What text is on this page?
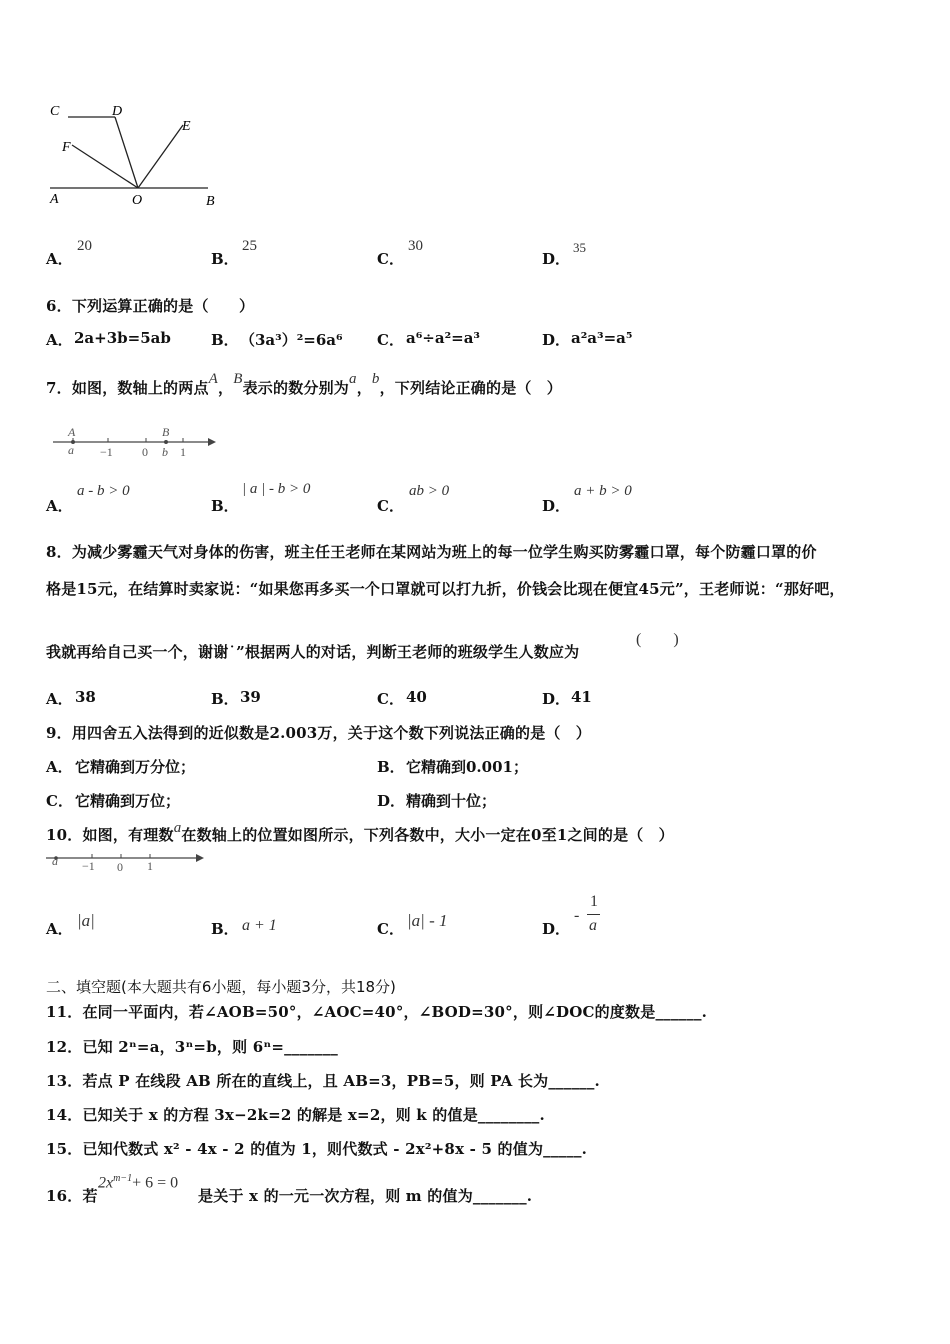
C	D
E
F
A	O	B
A．
20
B．
25
C．
30
D．
35
6．下列运算正确的是（　　）
A． 2a+3b=5ab	B． （3a³）²=6a⁶ C． a⁶÷a²=a³	D． a²a³=a⁵
7．如图，数轴上的两点A，B表示的数分别为a，b，下列结论正确的是（　）
A	B
a −1 0 b 1
A．
a - b > 0
B．
| a | - b > 0
C．
ab > 0
D．
a + b > 0
8．为减少雾霾天气对身体的伤害，班主任王老师在某网站为班上的每一位学生购买防雾霾口罩，每个防霾口罩的价
格是15元，在结算时卖家说：“如果您再多买一个口罩就可以打九折，价钱会比现在便宜45元”，王老师说：“那好吧，
我就再给自己买一个，谢谢˙”根据两人的对话，判断王老师的班级学生人数应为
(　　)
A． 38	B． 39	C． 40	D． 41
9．用四舍五入法得到的近似数是2.003万，关于这个数下列说法正确的是（　）
A． 它精确到万分位；	B． 它精确到0.001；
C． 它精确到万位；	D． 精确到十位；
10．如图，有理数a在数轴上的位置如图所示，下列各数中，大小一定在0至1之间的是（　）
a −1 0 1
A． |a|	B． a + 1	C． |a| - 1	D．
-
1
a
二、填空题(本大题共有6小题，每小题3分，共18分)
11．在同一平面内，若∠AOB=50°，∠AOC=40°，∠BOD=30°，则∠DOC的度数是______.
12．已知 2ⁿ=a，3ⁿ=b，则 6ⁿ=_______
13．若点 P 在线段 AB 所在的直线上，且 AB=3，PB=5，则 PA 长为______.
14．已知关于 x 的方程 3x−2k=2 的解是 x=2，则 k 的值是________.
15．已知代数式 x² - 4x - 2 的值为 1，则代数式 - 2x²+8x - 5 的值为_____.
16．若
$2x^{m-1}+ 6 = 0$
是关于 x 的一元一次方程，则 m 的值为_______.
